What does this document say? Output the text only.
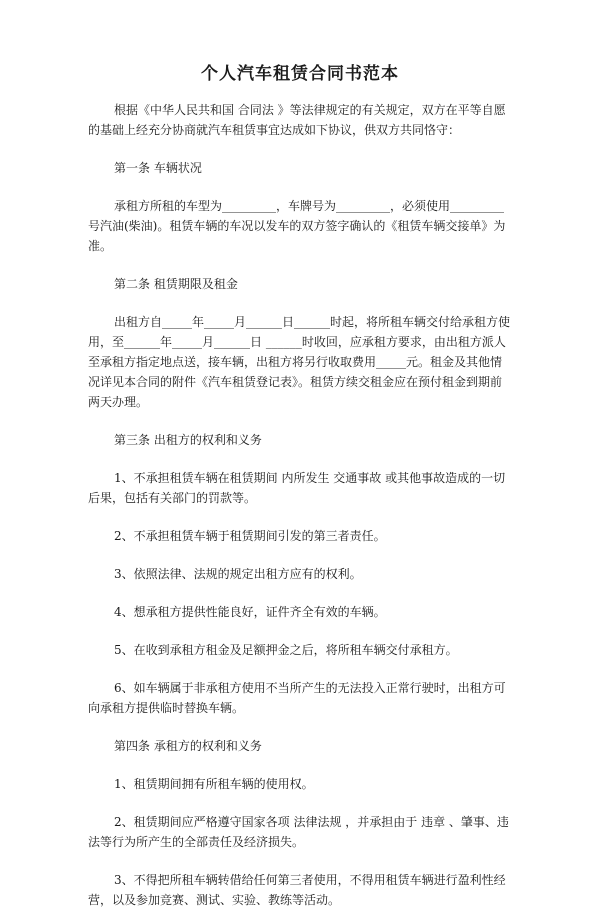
个人汽车租赁合同书范本

根据《中华人民共和国 合同法 》等法律规定的有关规定，双方在平等自愿的基础上经充分协商就汽车租赁事宜达成如下协议，供双方共同恪守：

第一条 车辆状况

承租方所租的车型为_________，车牌号为_________，必须使用_________号汽油(柴油)。租赁车辆的车况以发车的双方签字确认的《租赁车辆交接单》为准。

第二条 租赁期限及租金

出租方自_____年_____月______日______时起，将所租车辆交付给承租方使用，至______年_____月______日 ______时收回，应承租方要求，由出租方派人至承租方指定地点送，接车辆，出租方将另行收取费用_____元。租金及其他情况详见本合同的附件《汽车租赁登记表》。租赁方续交租金应在预付租金到期前两天办理。

第三条 出租方的权利和义务

1、不承担租赁车辆在租赁期间 内所发生 交通事故 或其他事故造成的一切后果，包括有关部门的罚款等。

2、不承担租赁车辆于租赁期间引发的第三者责任。

3、依照法律、法规的规定出租方应有的权利。

4、想承租方提供性能良好，证件齐全有效的车辆。

5、在收到承租方租金及足额押金之后，将所租车辆交付承租方。

6、如车辆属于非承租方使用不当所产生的无法投入正常行驶时，出租方可向承租方提供临时替换车辆。

第四条 承租方的权利和义务

1、租赁期间拥有所租车辆的使用权。

2、租赁期间应严格遵守国家各项 法律法规 ，并承担由于 违章 、肇事、违法等行为所产生的全部责任及经济损失。

3、不得把所租车辆转借给任何第三者使用，不得用租赁车辆进行盈利性经营，以及参加竞赛、测试、实验、教练等活动。
